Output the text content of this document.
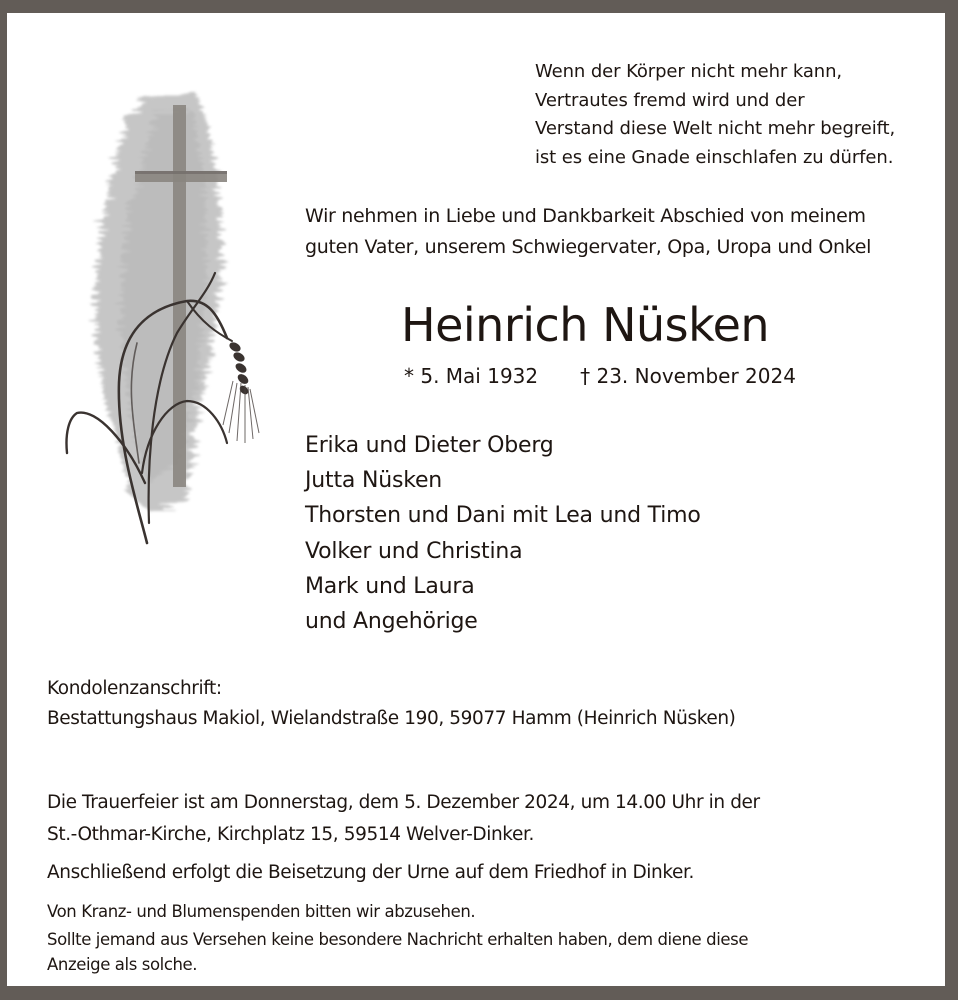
Wenn der Körper nicht mehr kann,
Vertrautes fremd wird und der
Verstand diese Welt nicht mehr begreift,
ist es eine Gnade einschlafen zu dürfen.
Wir nehmen in Liebe und Dankbarkeit Abschied von meinem
guten Vater, unserem Schwiegervater, Opa, Uropa und Onkel
Heinrich Nüsken
* 5. Mai 1932 † 23. November 2024
Erika und Dieter Oberg
Jutta Nüsken
Thorsten und Dani mit Lea und Timo
Volker und Christina
Mark und Laura
und Angehörige
Kondolenzanschrift:
Bestattungshaus Makiol, Wielandstraße 190, 59077 Hamm (Heinrich Nüsken)
Die Trauerfeier ist am Donnerstag, dem 5. Dezember 2024, um 14.00 Uhr in der
St.-Othmar-Kirche, Kirchplatz 15, 59514 Welver-Dinker.
Anschließend erfolgt die Beisetzung der Urne auf dem Friedhof in Dinker.
Von Kranz- und Blumenspenden bitten wir abzusehen.
Sollte jemand aus Versehen keine besondere Nachricht erhalten haben, dem diene diese
Anzeige als solche.
